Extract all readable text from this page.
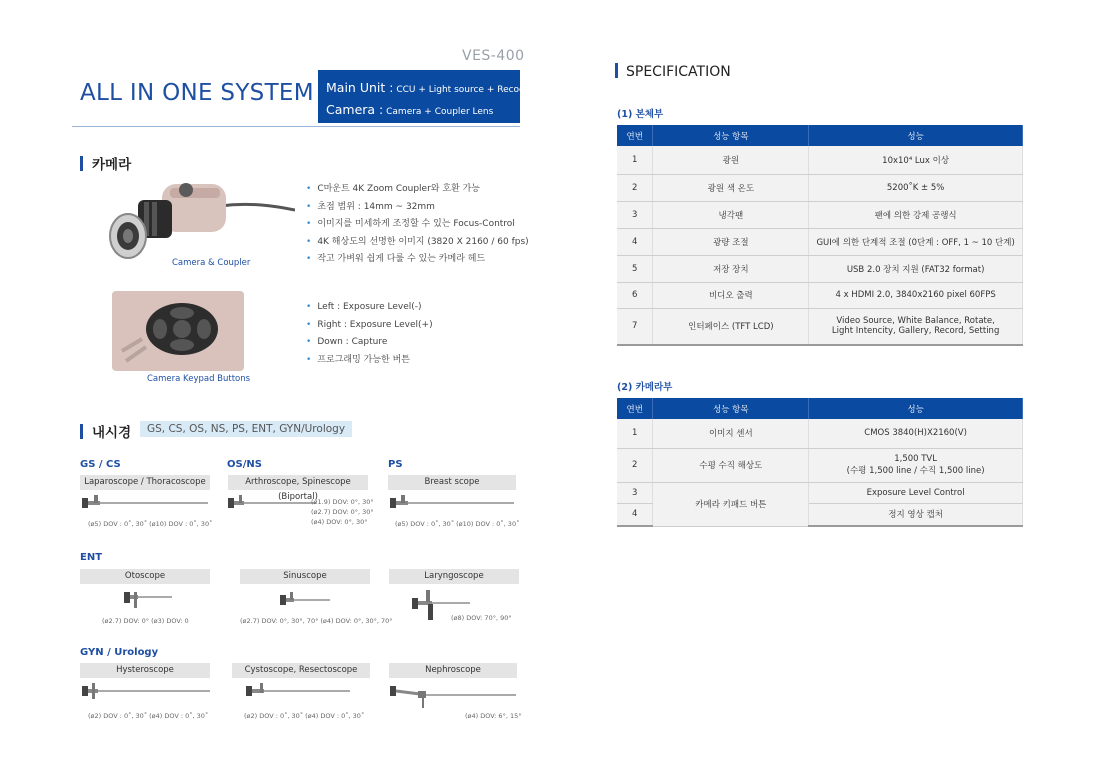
VES-400
ALL IN ONE SYSTEM Main Unit : CCU + Light source + Recoder
Camera : Camera + Coupler Lens
카메라
Camera & Coupler
• C마운트 4K Zoom Coupler와 호환 가능
• 초점 범위 : 14mm ~ 32mm
• 이미지를 미세하게 조정할 수 있는 Focus-Control
• 4K 해상도의 선명한 이미지 (3820 X 2160 / 60 fps)
• 작고 가벼워 쉽게 다룰 수 있는 카메라 헤드
Camera Keypad Buttons
• Left : Exposure Level(-)
• Right : Exposure Level(+)
• Down : Capture
• 프로그래밍 가능한 버튼
내시경	GS, CS, OS, NS, PS, ENT, GYN/Urology
GS / CS	OS/NS	PS
Laparoscope / Thoracoscope	Arthroscope, Spinescope (Biportal)
Breast scope
(ø5) DOV : 0˚, 30˚ (ø10) DOV : 0˚, 30˚
(ø1.9) DOV: 0°, 30°
(ø2.7) DOV: 0°, 30°
(ø4) DOV: 0°, 30°	(ø5) DOV : 0˚, 30˚ (ø10) DOV : 0˚, 30˚
ENT
Otoscope	Sinuscope	Laryngoscope
(ø2.7) DOV: 0° (ø3) DOV: 0	(ø2.7) DOV: 0°, 30°, 70° (ø4) DOV: 0°, 30°, 70°	(ø8) DOV: 70°, 90°
GYN / Urology
Hysteroscope	Cystoscope, Resectoscope	Nephroscope
(ø2) DOV : 0˚, 30˚ (ø4) DOV : 0˚, 30˚	(ø2) DOV : 0˚, 30˚ (ø4) DOV : 0˚, 30˚	(ø4) DOV: 6°, 15°
SPECIFICATION
(1) 본체부
연번	성능 항목	성능
1	광원	10x10⁴ Lux 이상
2	광원 색 온도	5200˚K ± 5%
3	냉각팬	팬에 의한 강제 공랭식
4	광량 조절	GUI에 의한 단계적 조절 (0단계 : OFF, 1 ~ 10 단계)
5	저장 장치	USB 2.0 장치 지원 (FAT32 format)
6	비디오 출력	4 x HDMI 2.0, 3840x2160 pixel 60FPS
7	인터페이스 (TFT LCD)	Video Source, White Balance, Rotate,
Light Intencity, Gallery, Record, Setting
(2) 카메라부
연번	성능 항목	성능
1	이미지 센서	CMOS 3840(H)X2160(V)
2	수평 수직 해상도	1,500 TVL
(수평 1,500 line / 수직 1,500 line)

3	카메라 키패드 버튼	Exposure Level Control
4		정지 영상 캡처
